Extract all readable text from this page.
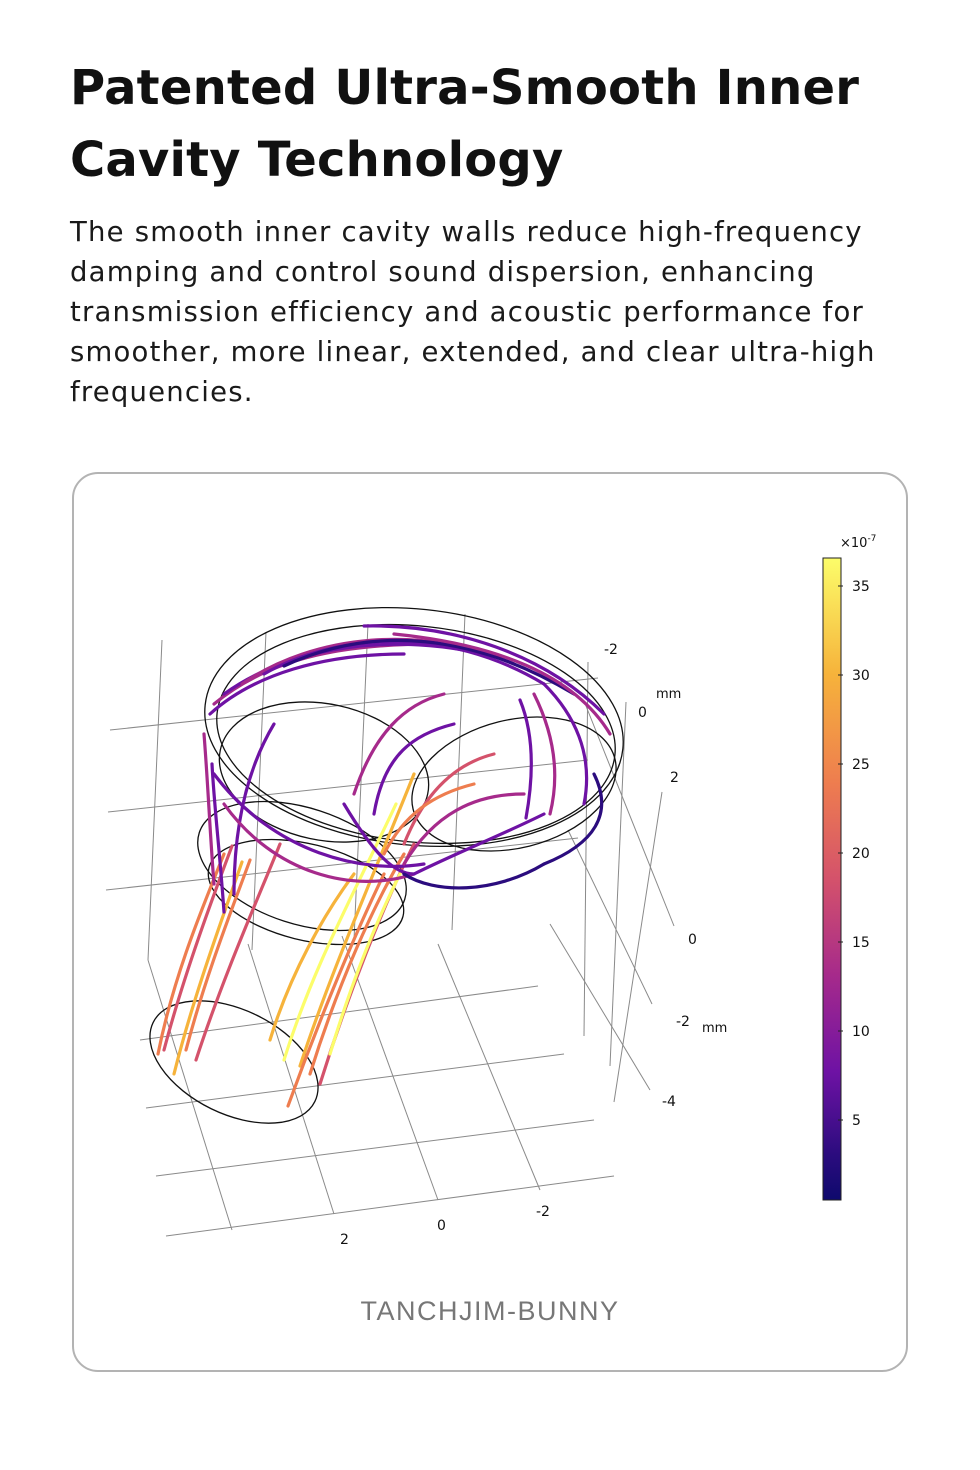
Patented Ultra-Smooth Inner Cavity Technology

The smooth inner cavity walls reduce high-frequency damping and control sound dispersion, enhancing transmission efficiency and acoustic performance for smoother, more linear, extended, and clear ultra-high frequencies.

2
0
-2
0
-2
-4
mm
-2
0
2
mm
$\times 10^{-7}$
35
30
25
20
15
10
5
TANCHJIM-BUNNY
